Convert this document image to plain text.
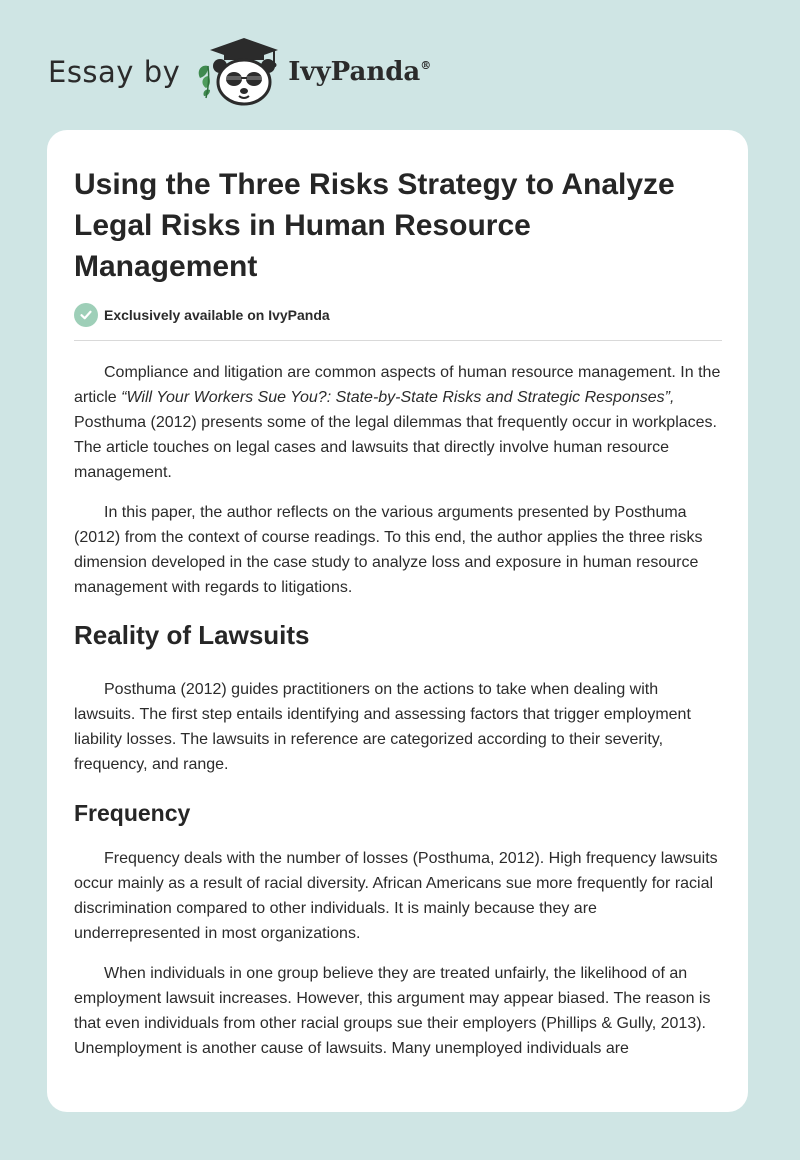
Essay by	IvyPanda®
Using the Three Risks Strategy to Analyze Legal Risks in Human Resource Management
Exclusively available on IvyPanda

Compliance and litigation are common aspects of human resource management. In the article “Will Your Workers Sue You?: State-by-State Risks and Strategic Responses”, Posthuma (2012) presents some of the legal dilemmas that frequently occur in workplaces. The article touches on legal cases and lawsuits that directly involve human resource management.

In this paper, the author reflects on the various arguments presented by Posthuma (2012) from the context of course readings. To this end, the author applies the three risks dimension developed in the case study to analyze loss and exposure in human resource management with regards to litigations.

Reality of Lawsuits

Posthuma (2012) guides practitioners on the actions to take when dealing with lawsuits. The first step entails identifying and assessing factors that trigger employment liability losses. The lawsuits in reference are categorized according to their severity, frequency, and range.

Frequency

Frequency deals with the number of losses (Posthuma, 2012). High frequency lawsuits occur mainly as a result of racial diversity. African Americans sue more frequently for racial discrimination compared to other individuals. It is mainly because they are underrepresented in most organizations.

When individuals in one group believe they are treated unfairly, the likelihood of an employment lawsuit increases. However, this argument may appear biased. The reason is that even individuals from other racial groups sue their employers (Phillips & Gully, 2013). Unemployment is another cause of lawsuits. Many unemployed individuals are
